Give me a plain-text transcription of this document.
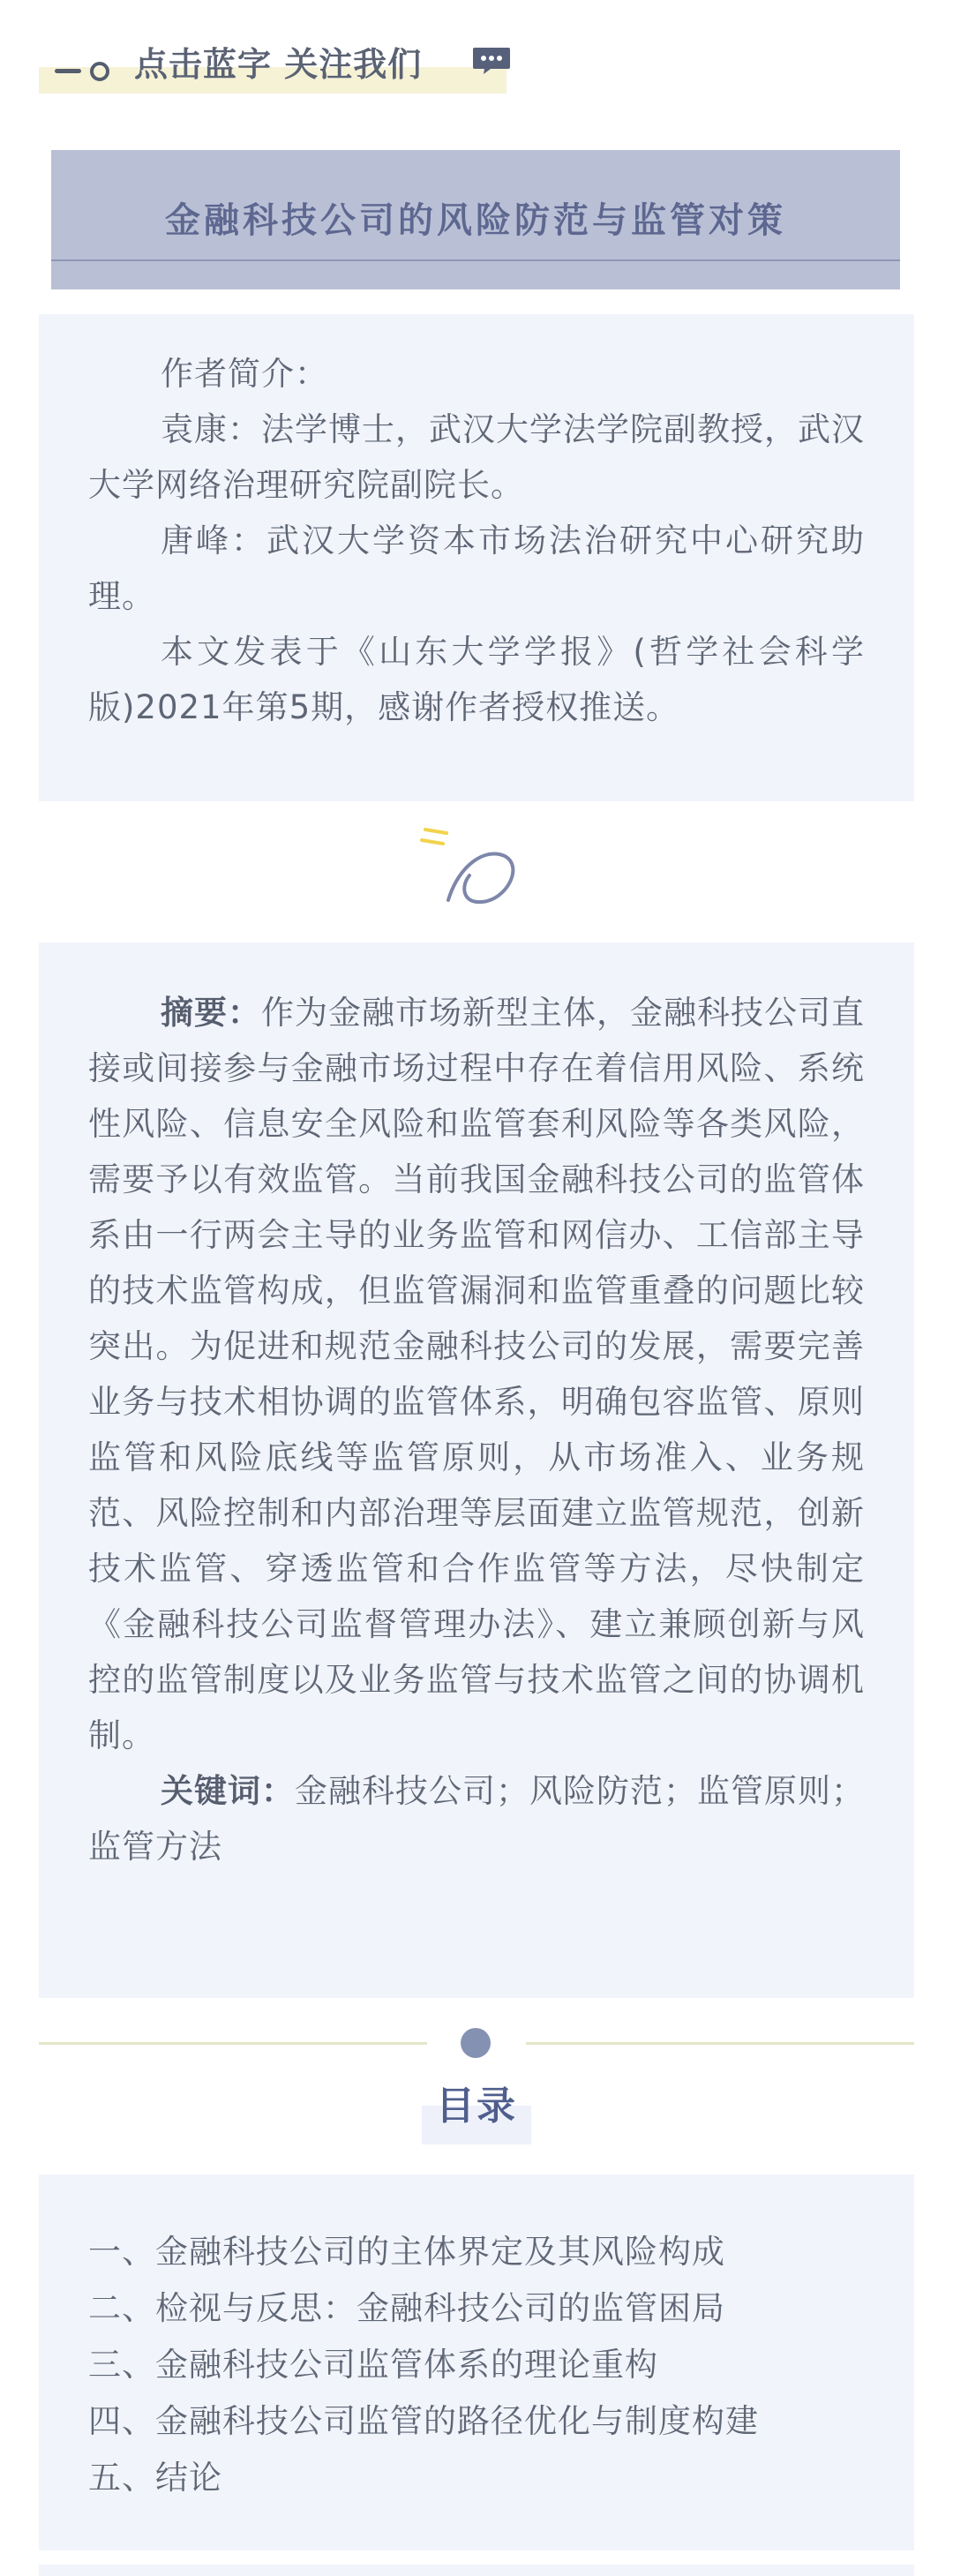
点击蓝字 关注我们
金融科技公司的风险防范与监管对策

作者简介：

袁康：法学博士，武汉大学法学院副教授，武汉大学网络治理研究院副院长。

唐峰：武汉大学资本市场法治研究中心研究助理。

本文发表于《山东大学学报》(哲学社会科学版)2021年第5期，感谢作者授权推送。

摘要：作为金融市场新型主体，金融科技公司直接或间接参与金融市场过程中存在着信用风险、系统性风险、信息安全风险和监管套利风险等各类风险，需要予以有效监管。当前我国金融科技公司的监管体系由一行两会主导的业务监管和网信办、工信部主导的技术监管构成，但监管漏洞和监管重叠的问题比较突出。为促进和规范金融科技公司的发展，需要完善业务与技术相协调的监管体系，明确包容监管、原则监管和风险底线等监管原则，从市场准入、业务规范、风险控制和内部治理等层面建立监管规范，创新技术监管、穿透监管和合作监管等方法，尽快制定《金融科技公司监督管理办法》、建立兼顾创新与风控的监管制度以及业务监管与技术监管之间的协调机制。

关键词：金融科技公司；风险防范；监管原则；监管方法

目录

一、金融科技公司的主体界定及其风险构成

二、检视与反思：金融科技公司的监管困局

三、金融科技公司监管体系的理论重构

四、金融科技公司监管的路径优化与制度构建

五、结论
